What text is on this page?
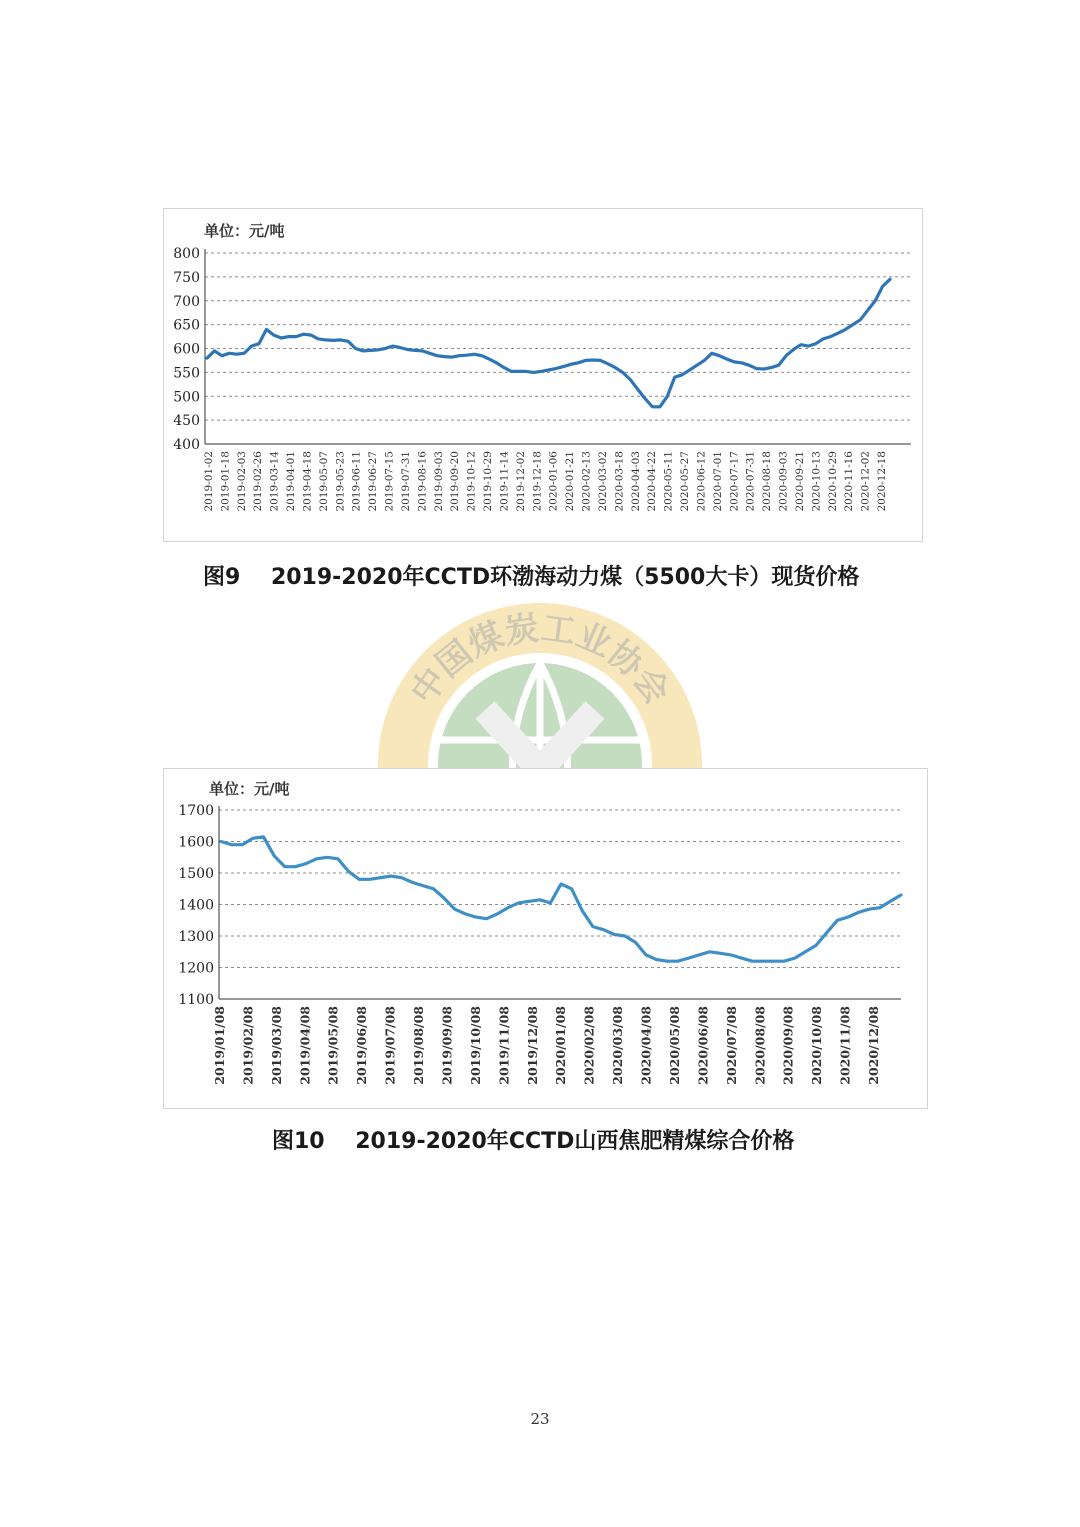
中国煤炭工业协会
单位：元/吨
800
750
700
650
600
550
500
450
400
2019-01-02 2019-01-18 2019-02-03 2019-02-26 2019-03-14 2019-04-01 2019-04-18 2019-05-07 2019-05-23 2019-06-11 2019-06-27 2019-07-15 2019-07-31 2019-08-16 2019-09-03 2019-09-20 2019-10-12 2019-10-29 2019-11-14 2019-12-02 2019-12-18 2020-01-06 2020-01-21 2020-02-13 2020-03-02 2020-03-18 2020-04-03 2020-04-22 2020-05-11 2020-05-27 2020-06-12 2020-07-01 2020-07-17 2020-07-31 2020-08-18 2020-09-03 2020-09-21 2020-10-13 2020-10-29 2020-11-16 2020-12-02 2020-12-18
图9    2019-2020年CCTD环渤海动力煤（5500大卡）现货价格
单位：元/吨
1700
1600
1500
1400
1300
1200
1100
2019/01/08 2019/02/08 2019/03/08 2019/04/08 2019/05/08 2019/06/08 2019/07/08 2019/08/08 2019/09/08 2019/10/08 2019/11/08 2019/12/08 2020/01/08 2020/02/08 2020/03/08 2020/04/08 2020/05/08 2020/06/08 2020/07/08 2020/08/08 2020/09/08 2020/10/08 2020/11/08 2020/12/08
图10    2019-2020年CCTD山西焦肥精煤综合价格
23
